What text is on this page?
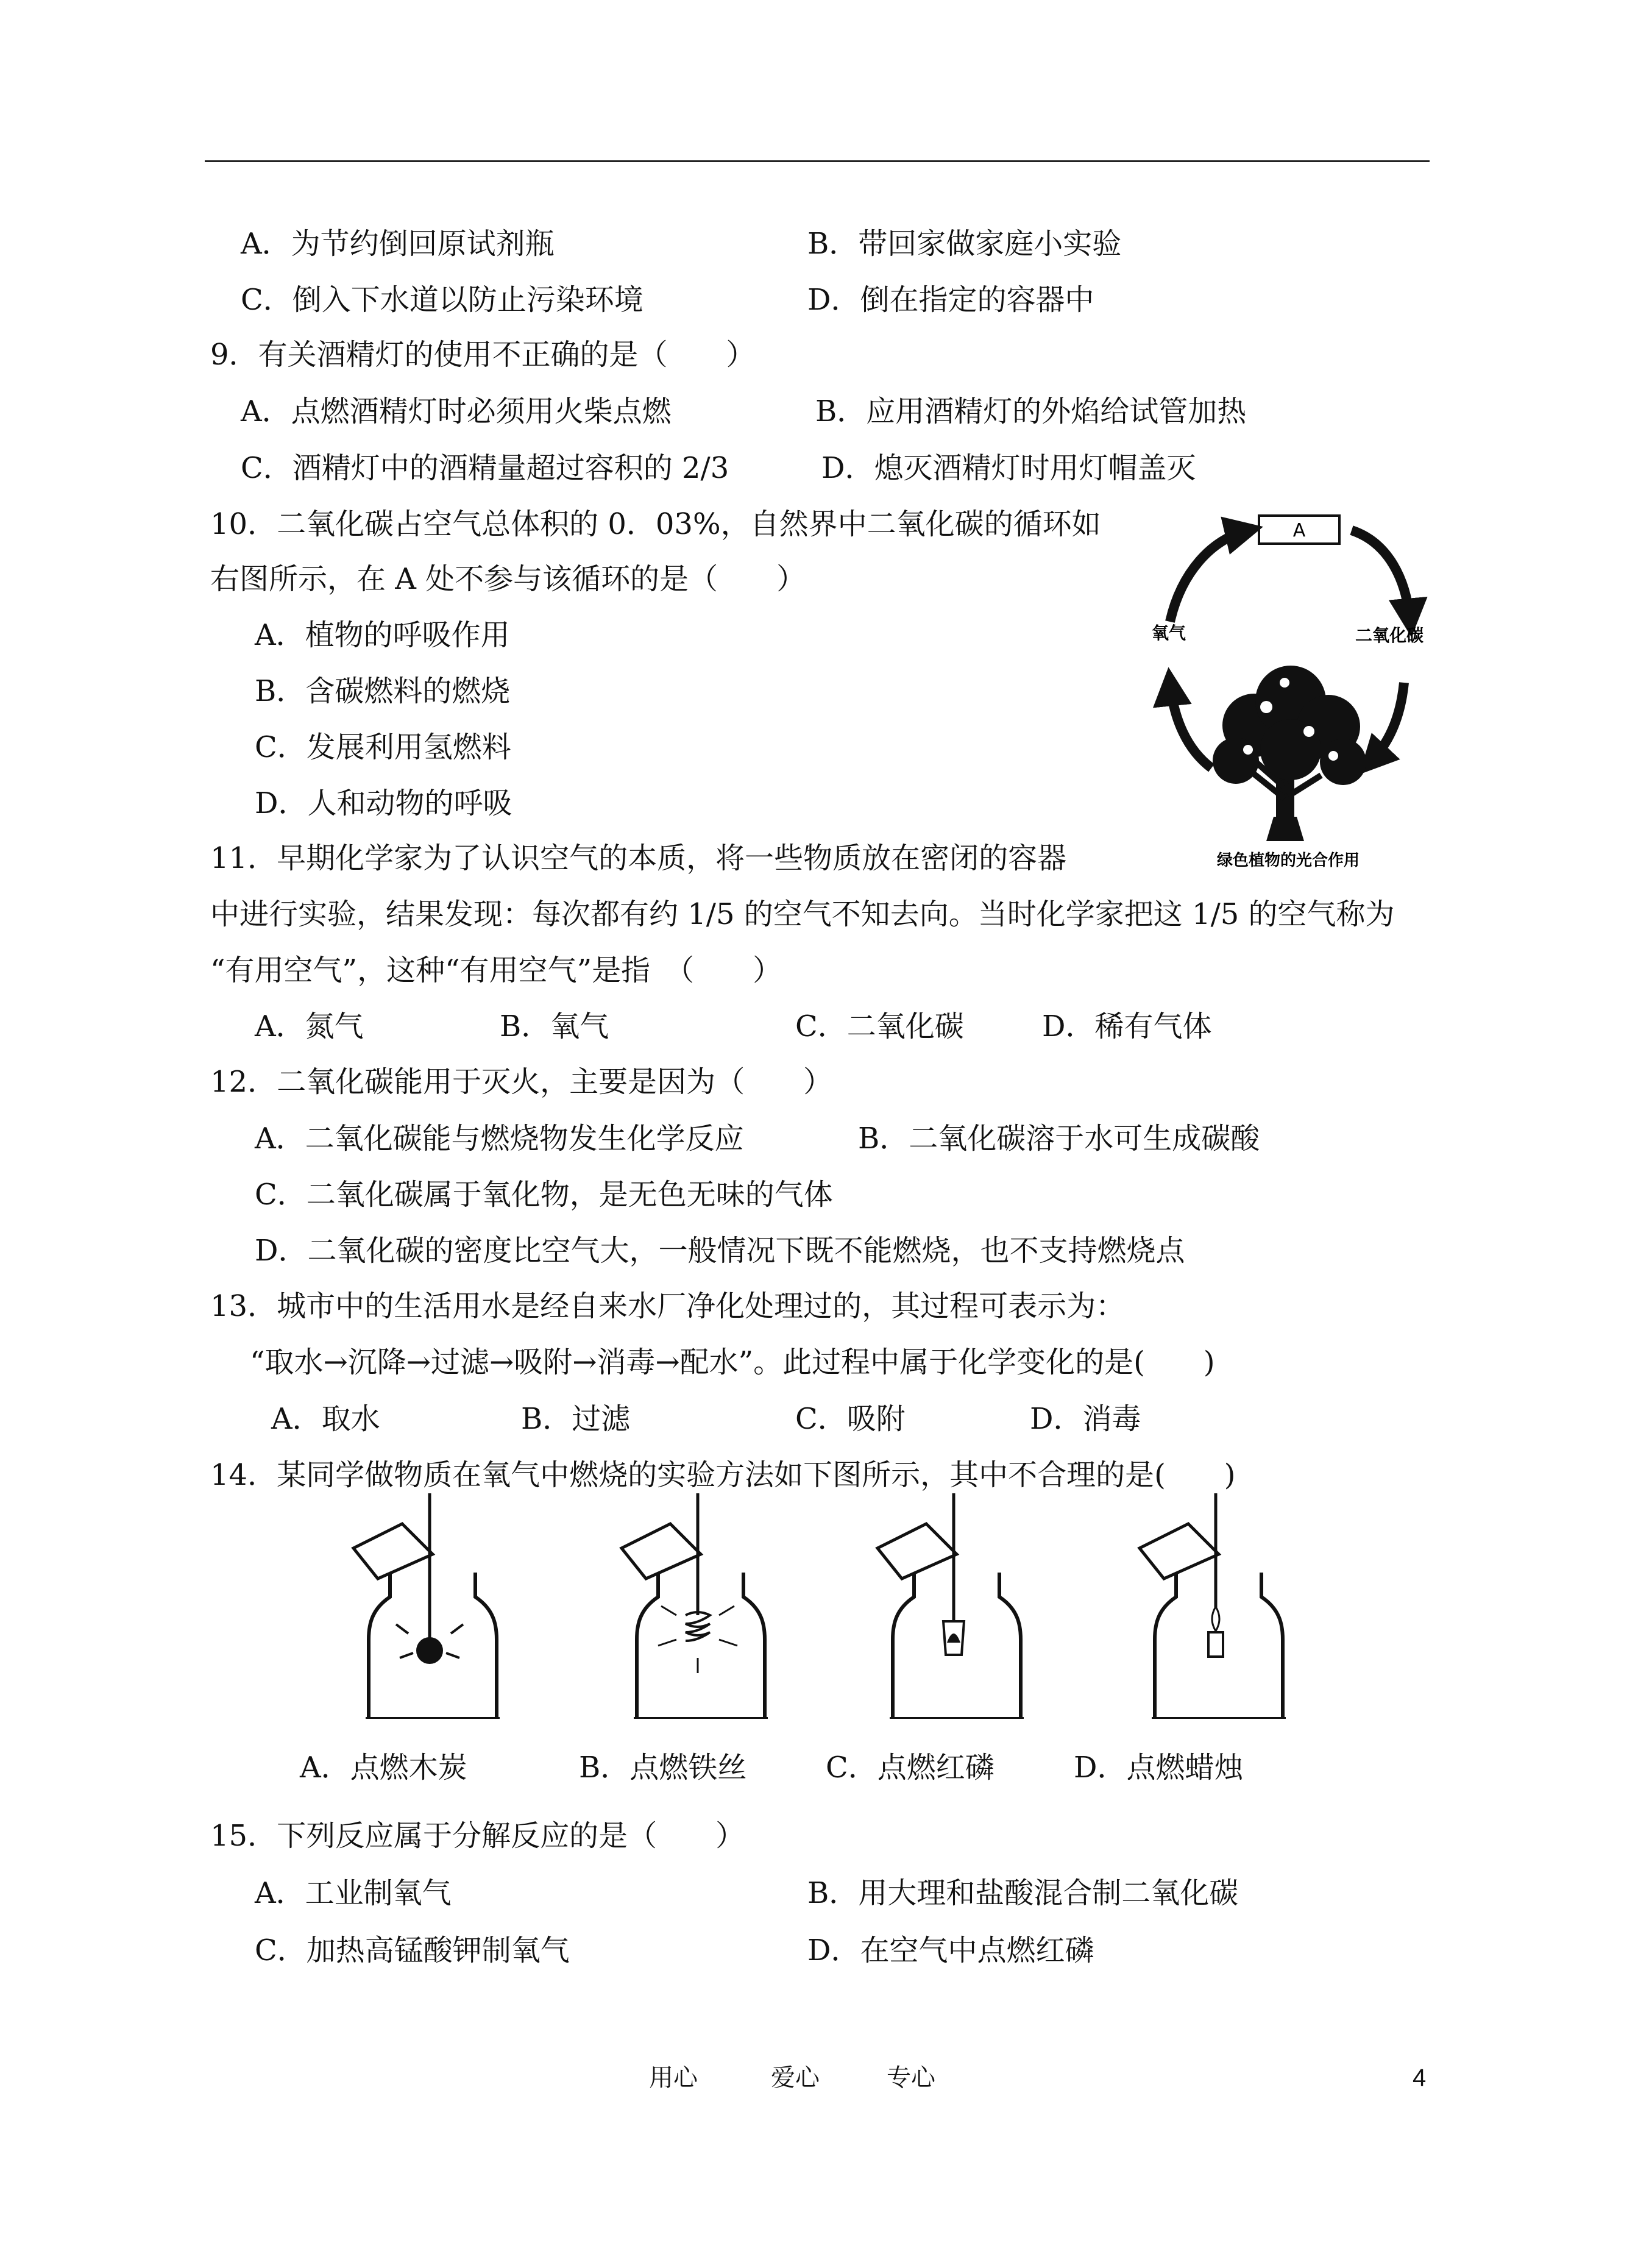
A．为节约倒回原试剂瓶	B．带回家做家庭小实验
C．倒入下水道以防止污染环境	D．倒在指定的容器中
9．有关酒精灯的使用不正确的是（　　）
A．点燃酒精灯时必须用火柴点燃	B．应用酒精灯的外焰给试管加热
C．酒精灯中的酒精量超过容积的 2/3	D．熄灭酒精灯时用灯帽盖灭
10．二氧化碳占空气总体积的 0．03%，自然界中二氧化碳的循环如
右图所示，在 A 处不参与该循环的是（　　）
A．植物的呼吸作用
B．含碳燃料的燃烧
C．发展利用氢燃料
D．人和动物的呼吸
A
氧气	二氧化碳
绿色植物的光合作用
11．早期化学家为了认识空气的本质，将一些物质放在密闭的容器
中进行实验，结果发现：每次都有约 1/5 的空气不知去向。当时化学家把这 1/5 的空气称为
“有用空气”，这种“有用空气”是指　（　　）
A．氮气	B．氧气	C．二氧化碳	D．稀有气体
12．二氧化碳能用于灭火，主要是因为（　　）
A．二氧化碳能与燃烧物发生化学反应	B．二氧化碳溶于水可生成碳酸
C．二氧化碳属于氧化物，是无色无味的气体
D．二氧化碳的密度比空气大，一般情况下既不能燃烧，也不支持燃烧点
13．城市中的生活用水是经自来水厂净化处理过的，其过程可表示为：
“取水→沉降→过滤→吸附→消毒→配水”。此过程中属于化学变化的是(　　)
A．取水	B．过滤	C．吸附	D．消毒
14．某同学做物质在氧气中燃烧的实验方法如下图所示，其中不合理的是(　　)
A．点燃木炭	B．点燃铁丝	C．点燃红磷	D．点燃蜡烛
15．下列反应属于分解反应的是（　　）
A．工业制氧气	B．用大理和盐酸混合制二氧化碳
C．加热高锰酸钾制氧气	D．在空气中点燃红磷
用心	爱心	专心	4
